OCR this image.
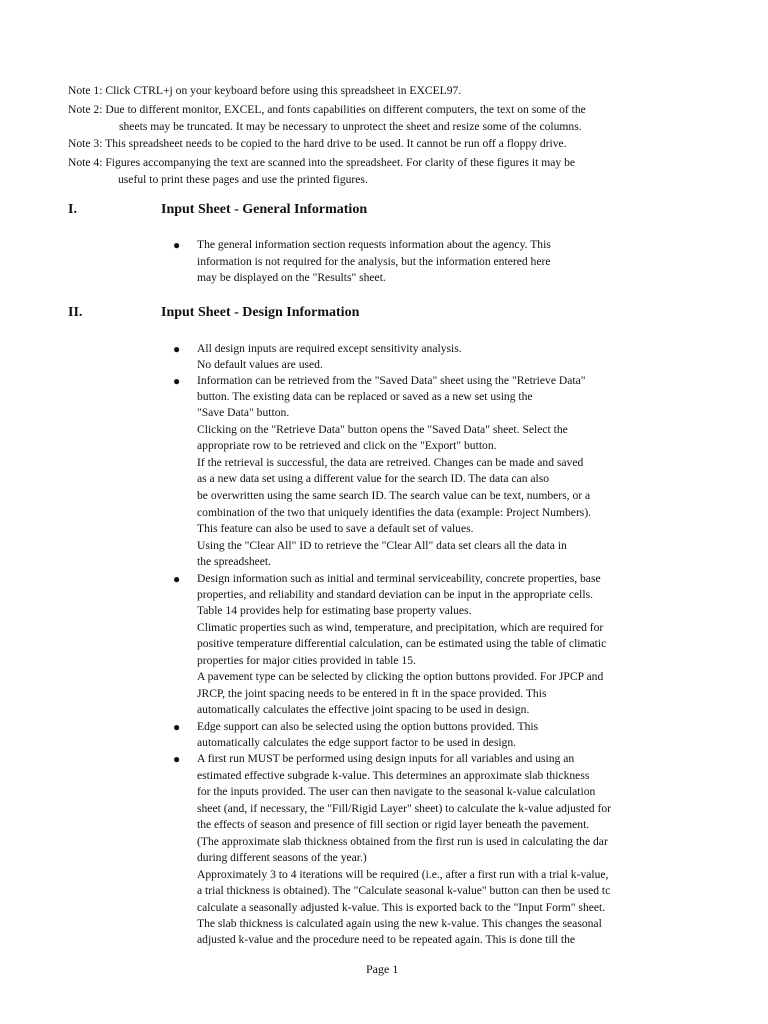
Note 1: Click CTRL+j on your keyboard before using this spreadsheet in EXCEL97.
Note 2: Due to different monitor, EXCEL, and fonts capabilities on different computers, the text on some of the
sheets may be truncated. It may be necessary to unprotect the sheet and resize some of the columns.
Note 3: This spreadsheet needs to be copied to the hard drive to be used. It cannot be run off a floppy drive.
Note 4: Figures accompanying the text are scanned into the spreadsheet. For clarity of these figures it may be
useful to print these pages and use the printed figures.
I.	Input Sheet - General Information
● The general information section requests information about the agency. This
information is not required for the analysis, but the information entered here
may be displayed on the "Results" sheet.
II.	Input Sheet - Design Information
● All design inputs are required except sensitivity analysis.
No default values are used.
● Information can be retrieved from the "Saved Data" sheet using the "Retrieve Data"
button. The existing data can be replaced or saved as a new set using the
"Save Data" button.
Clicking on the "Retrieve Data" button opens the "Saved Data" sheet. Select the
appropriate row to be retrieved and click on the "Export" button.
If the retrieval is successful, the data are retreived. Changes can be made and saved
as a new data set using a different value for the search ID. The data can also
be overwritten using the same search ID. The search value can be text, numbers, or a
combination of the two that uniquely identifies the data (example: Project Numbers).
This feature can also be used to save a default set of values.
Using the "Clear All" ID to retrieve the "Clear All" data set clears all the data in
the spreadsheet.
● Design information such as initial and terminal serviceability, concrete properties, base
properties, and reliability and standard deviation can be input in the appropriate cells.
Table 14 provides help for estimating base property values.
Climatic properties such as wind, temperature, and precipitation, which are required for
positive temperature differential calculation, can be estimated using the table of climatic
properties for major cities provided in table 15.
A pavement type can be selected by clicking the option buttons provided. For JPCP and
JRCP, the joint spacing needs to be entered in ft in the space provided. This
automatically calculates the effective joint spacing to be used in design.
● Edge support can also be selected using the option buttons provided. This
automatically calculates the edge support factor to be used in design.
● A first run MUST be performed using design inputs for all variables and using an
estimated effective subgrade k-value. This determines an approximate slab thickness
for the inputs provided. The user can then navigate to the seasonal k-value calculation
sheet (and, if necessary, the "Fill/Rigid Layer" sheet) to calculate the k-value adjusted for
the effects of season and presence of fill section or rigid layer beneath the pavement.
(The approximate slab thickness obtained from the first run is used in calculating the dar
during different seasons of the year.)
Approximately 3 to 4 iterations will be required (i.e., after a first run with a trial k-value,
a trial thickness is obtained). The "Calculate seasonal k-value" button can then be used tc
calculate a seasonally adjusted k-value. This is exported back to the "Input Form" sheet.
The slab thickness is calculated again using the new k-value. This changes the seasonal
adjusted k-value and the procedure need to be repeated again. This is done till the
Page 1
